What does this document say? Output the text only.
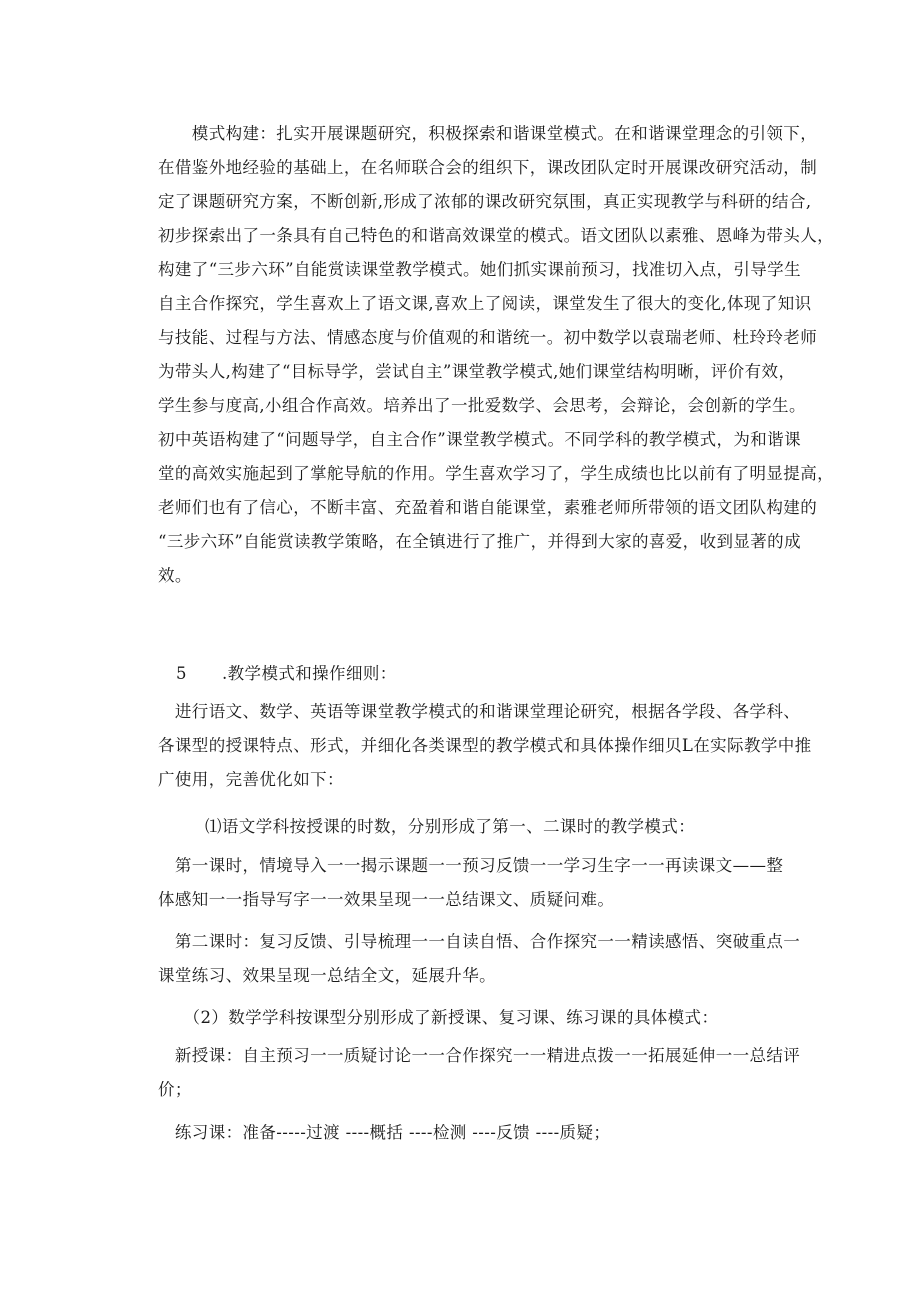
　　模式构建：扎实开展课题研究，积极探索和谐课堂模式。在和谐课堂理念的引领下，
在借鉴外地经验的基础上，在名师联合会的组织下，课改团队定时开展课改研究活动，制
定了课题研究方案，不断创新,形成了浓郁的课改研究氛围，真正实现教学与科研的结合,
初步探索出了一条具有自己特色的和谐高效课堂的模式。语文团队以素雅、恩峰为带头人，
构建了“三步六环”自能赏读课堂教学模式。她们抓实课前预习，找准切入点，引导学生
自主合作探究，学生喜欢上了语文课,喜欢上了阅读，课堂发生了很大的变化,体现了知识
与技能、过程与方法、情感态度与价值观的和谐统一。初中数学以袁瑞老师、杜玲玲老师
为带头人,构建了“目标导学，尝试自主”课堂教学模式,她们课堂结构明晰，评价有效，
学生参与度高,小组合作高效。培养出了一批爱数学、会思考，会辩论，会创新的学生。
初中英语构建了“问题导学，自主合作”课堂教学模式。不同学科的教学模式，为和谐课
堂的高效实施起到了掌舵导航的作用。学生喜欢学习了，学生成绩也比以前有了明显提高，
老师们也有了信心，不断丰富、充盈着和谐自能课堂，素雅老师所带领的语文团队构建的
“三步六环”自能赏读教学策略，在全镇进行了推广，并得到大家的喜爱，收到显著的成
效。
5 .教学模式和操作细则：
　进行语文、数学、英语等课堂教学模式的和谐课堂理论研究，根据各学段、各学科、
各课型的授课特点、形式，并细化各类课型的教学模式和具体操作细贝L在实际教学中推
广使用，完善优化如下：
⑴语文学科按授课的时数，分别形成了第一、二课时的教学模式：
　第一课时，情境导入一一揭示课题一一预习反馈一一学习生字一一再读课文——整
体感知一一指导写字一一效果呈现一一总结课文、质疑问难。
　第二课时：复习反馈、引导梳理一一自读自悟、合作探究一一精读感悟、突破重点一
课堂练习、效果呈现一总结全文，延展升华。
　　（2）数学学科按课型分别形成了新授课、复习课、练习课的具体模式：
　新授课：自主预习一一质疑讨论一一合作探究一一精进点拨一一拓展延伸一一总结评
价；
　练习课：准备-----过渡 ----概括 ----检测 ----反馈 ----质疑；
